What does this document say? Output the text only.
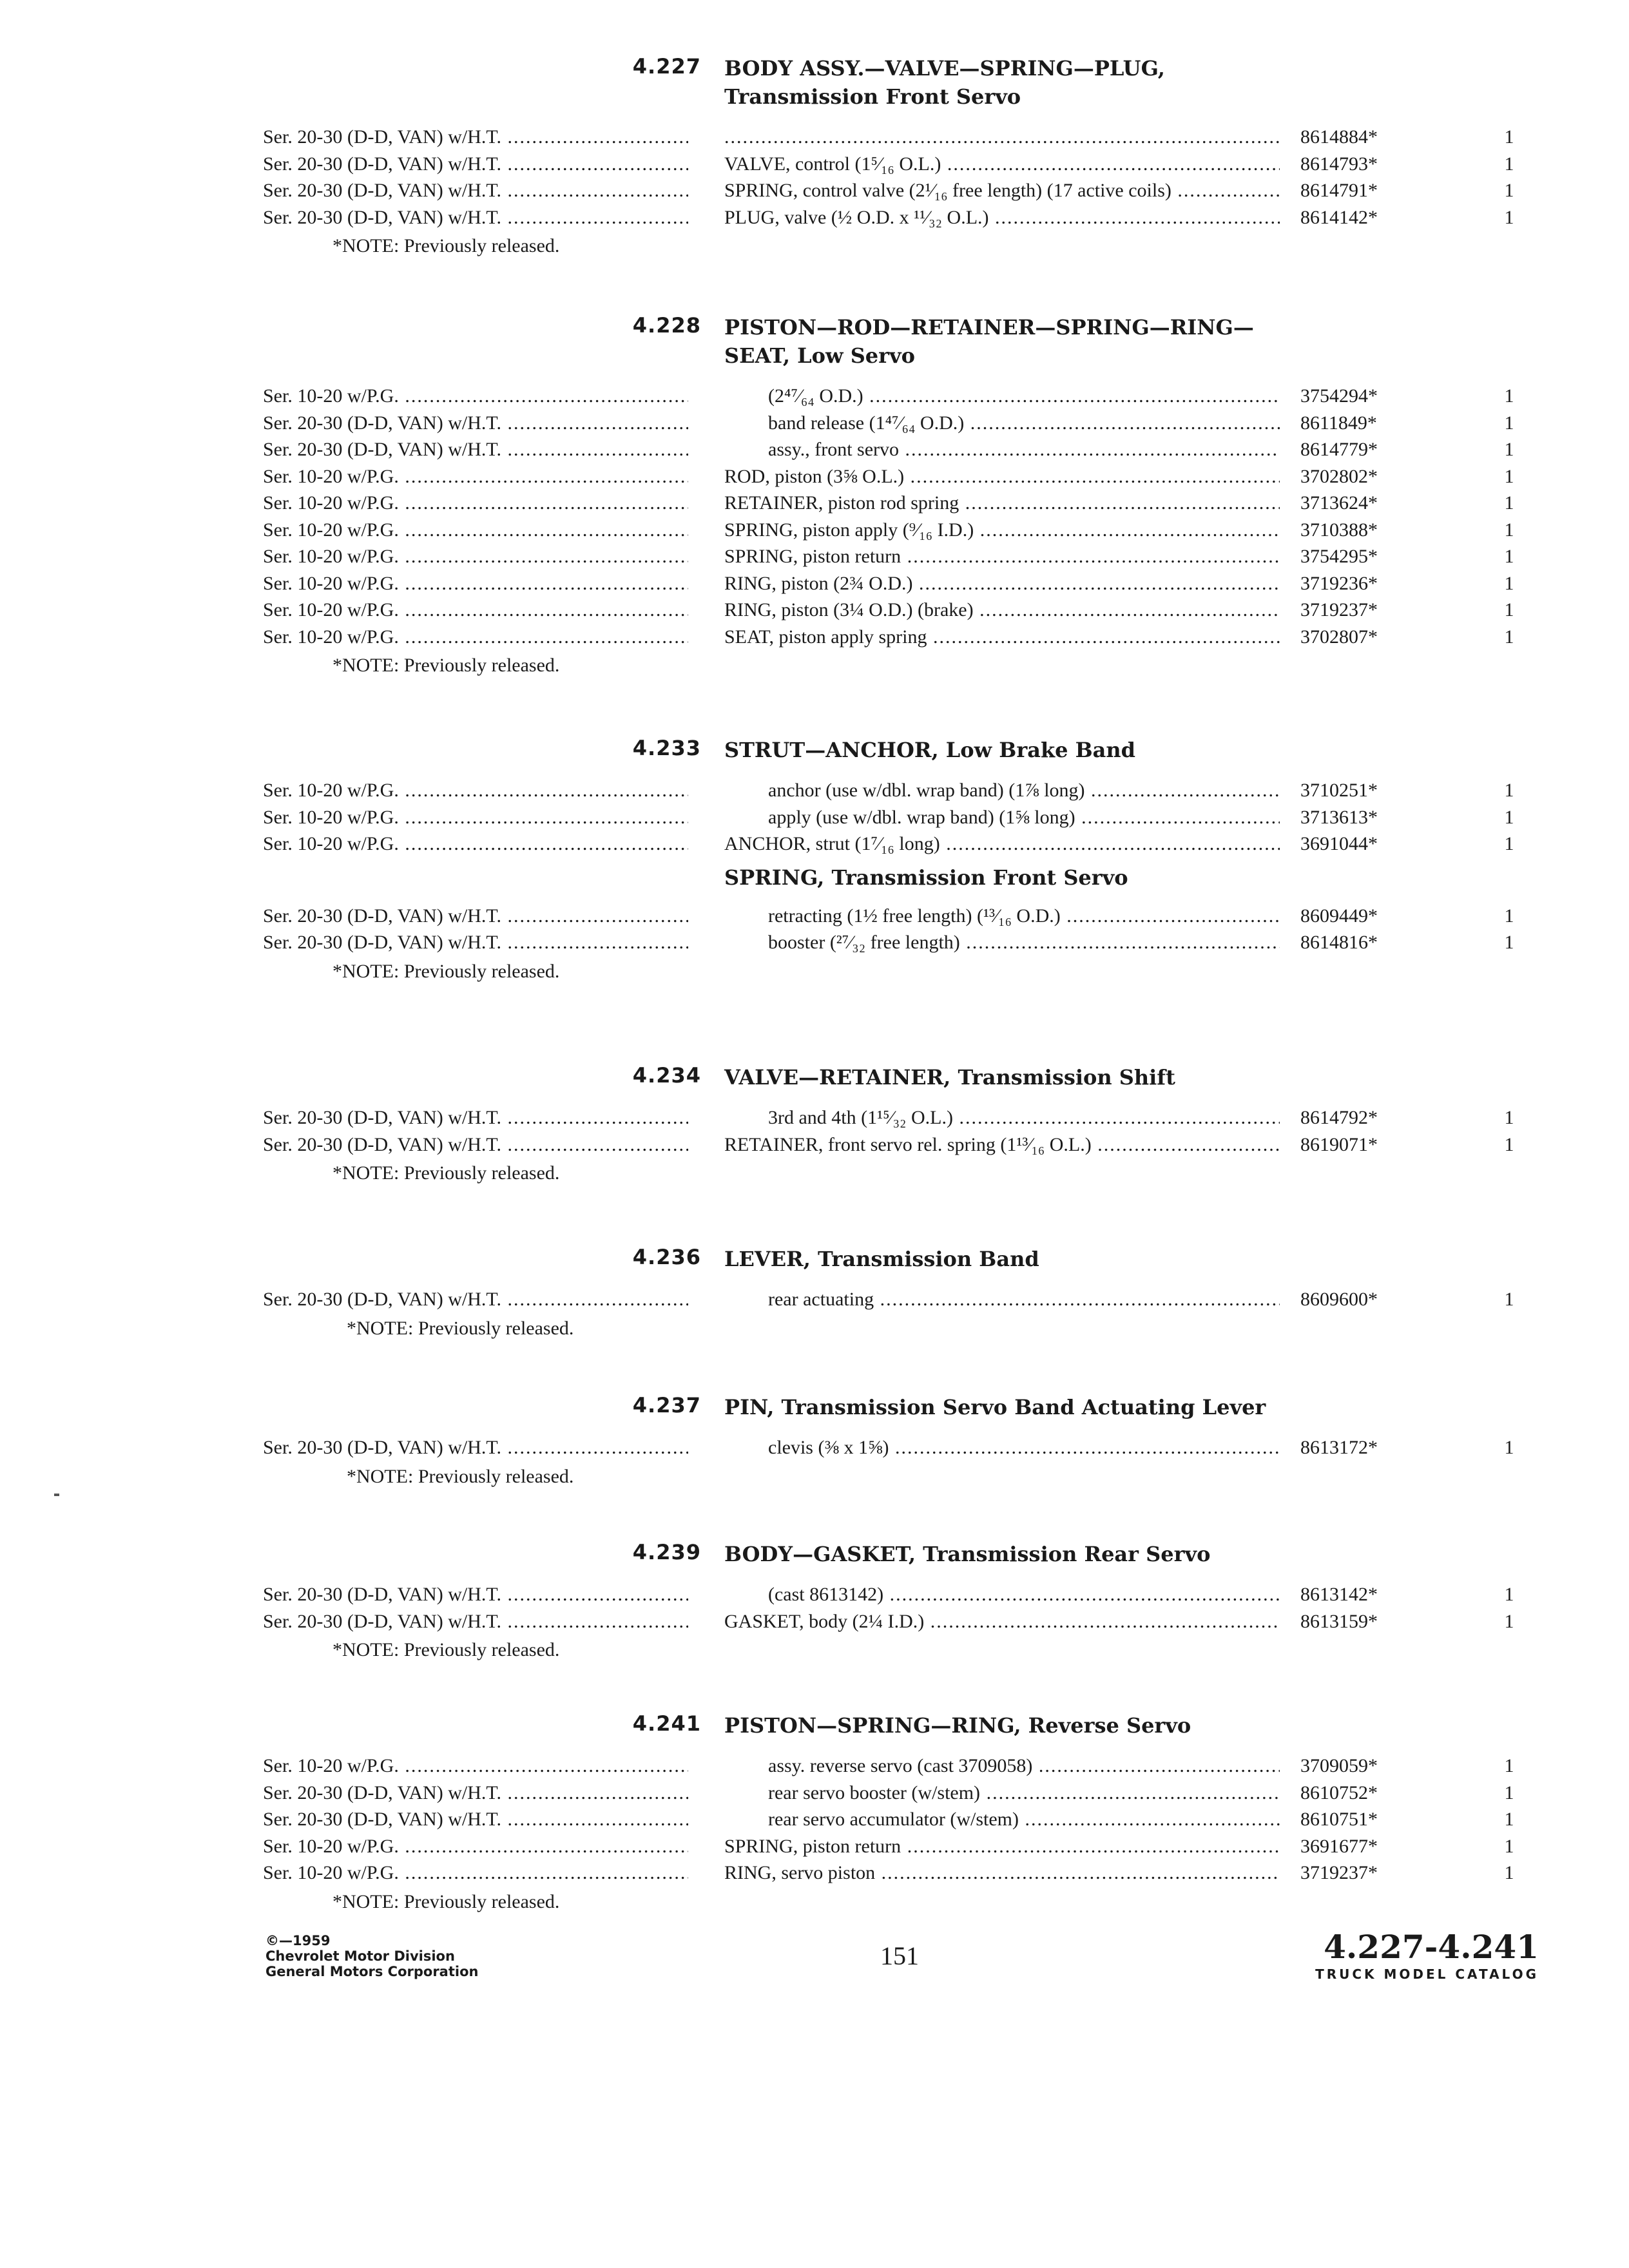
4.227 BODY ASSY.—VALVE—SPRING—PLUG,
Transmission Front Servo
Ser. 20-30 (D-D, VAN) w/H.T. .....
.....	8614884*	1
Ser. 20-30 (D-D, VAN) w/H.T. .....	VALVE, control (1⁵⁄₁₆ O.L.) .....	8614793*	1
Ser. 20-30 (D-D, VAN) w/H.T. .....	SPRING, control valve (2¹⁄₁₆ free length) (17 active coils) .....	8614791*	1
Ser. 20-30 (D-D, VAN) w/H.T. .....	PLUG, valve (½ O.D. x ¹¹⁄₃₂ O.L.) .....	8614142*	1
*NOTE: Previously released.
4.228 PISTON—ROD—RETAINER—SPRING—RING—
SEAT, Low Servo
Ser. 10-20 w/P.G. .....	(2⁴⁷⁄₆₄ O.D.) .....	3754294*	1
Ser. 20-30 (D-D, VAN) w/H.T. .....	band release (1⁴⁷⁄₆₄ O.D.) .....	8611849*	1
Ser. 20-30 (D-D, VAN) w/H.T. .....	assy., front servo .....	8614779*	1
Ser. 10-20 w/P.G. .....	ROD, piston (3⅝ O.L.) .....	3702802*	1
Ser. 10-20 w/P.G. .....	RETAINER, piston rod spring .....	3713624*	1
Ser. 10-20 w/P.G. .....	SPRING, piston apply (⁹⁄₁₆ I.D.) .....	3710388*	1
Ser. 10-20 w/P.G. .....	SPRING, piston return .....	3754295*	1
Ser. 10-20 w/P.G. .....	RING, piston (2¾ O.D.) .....	3719236*	1
Ser. 10-20 w/P.G. .....	RING, piston (3¼ O.D.) (brake) .....	3719237*	1
Ser. 10-20 w/P.G. .....	SEAT, piston apply spring .....	3702807*	1
*NOTE: Previously released.
4.233 STRUT—ANCHOR, Low Brake Band
Ser. 10-20 w/P.G. .....	anchor (use w/dbl. wrap band) (1⅞ long) .....	3710251*	1
Ser. 10-20 w/P.G. .....	apply (use w/dbl. wrap band) (1⅝ long) .....	3713613*	1
Ser. 10-20 w/P.G. .....	ANCHOR, strut (1⁷⁄₁₆ long) .....	3691044*	1
SPRING, Transmission Front Servo
Ser. 20-30 (D-D, VAN) w/H.T. .....	retracting (1½ free length) (¹³⁄₁₆ O.D.) .....	8609449*	1
Ser. 20-30 (D-D, VAN) w/H.T. .....	booster (²⁷⁄₃₂ free length) .....	8614816*	1
*NOTE: Previously released.
4.234 VALVE—RETAINER, Transmission Shift
Ser. 20-30 (D-D, VAN) w/H.T. .....	3rd and 4th (1¹⁵⁄₃₂ O.L.) .....	8614792*	1
Ser. 20-30 (D-D, VAN) w/H.T. .....	RETAINER, front servo rel. spring (1¹³⁄₁₆ O.L.) .....	8619071*	1
*NOTE: Previously released.
4.236 LEVER, Transmission Band
Ser. 20-30 (D-D, VAN) w/H.T. .....	rear actuating .....	8609600*	1
*NOTE: Previously released.
4.237 PIN, Transmission Servo Band Actuating Lever
Ser. 20-30 (D-D, VAN) w/H.T. .....	clevis (⅜ x 1⅝) .....	8613172*	1
*NOTE: Previously released.
4.239 BODY—GASKET, Transmission Rear Servo
Ser. 20-30 (D-D, VAN) w/H.T. .....	(cast 8613142) .....	8613142*	1
Ser. 20-30 (D-D, VAN) w/H.T. .....	GASKET, body (2¼ I.D.) .....	8613159*	1
*NOTE: Previously released.
4.241 PISTON—SPRING—RING, Reverse Servo
Ser. 10-20 w/P.G. .....	assy. reverse servo (cast 3709058) .....	3709059*	1
Ser. 20-30 (D-D, VAN) w/H.T. .....	rear servo booster (w/stem) .....	8610752*	1
Ser. 20-30 (D-D, VAN) w/H.T. .....	rear servo accumulator (w/stem) .....	8610751*	1
Ser. 10-20 w/P.G. .....	SPRING, piston return .....	3691677*	1
Ser. 10-20 w/P.G. .....	RING, servo piston .....	3719237*	1
*NOTE: Previously released.
©—1959
Chevrolet Motor Division
General Motors Corporation
151	4.227-4.241
TRUCK MODEL CATALOG
